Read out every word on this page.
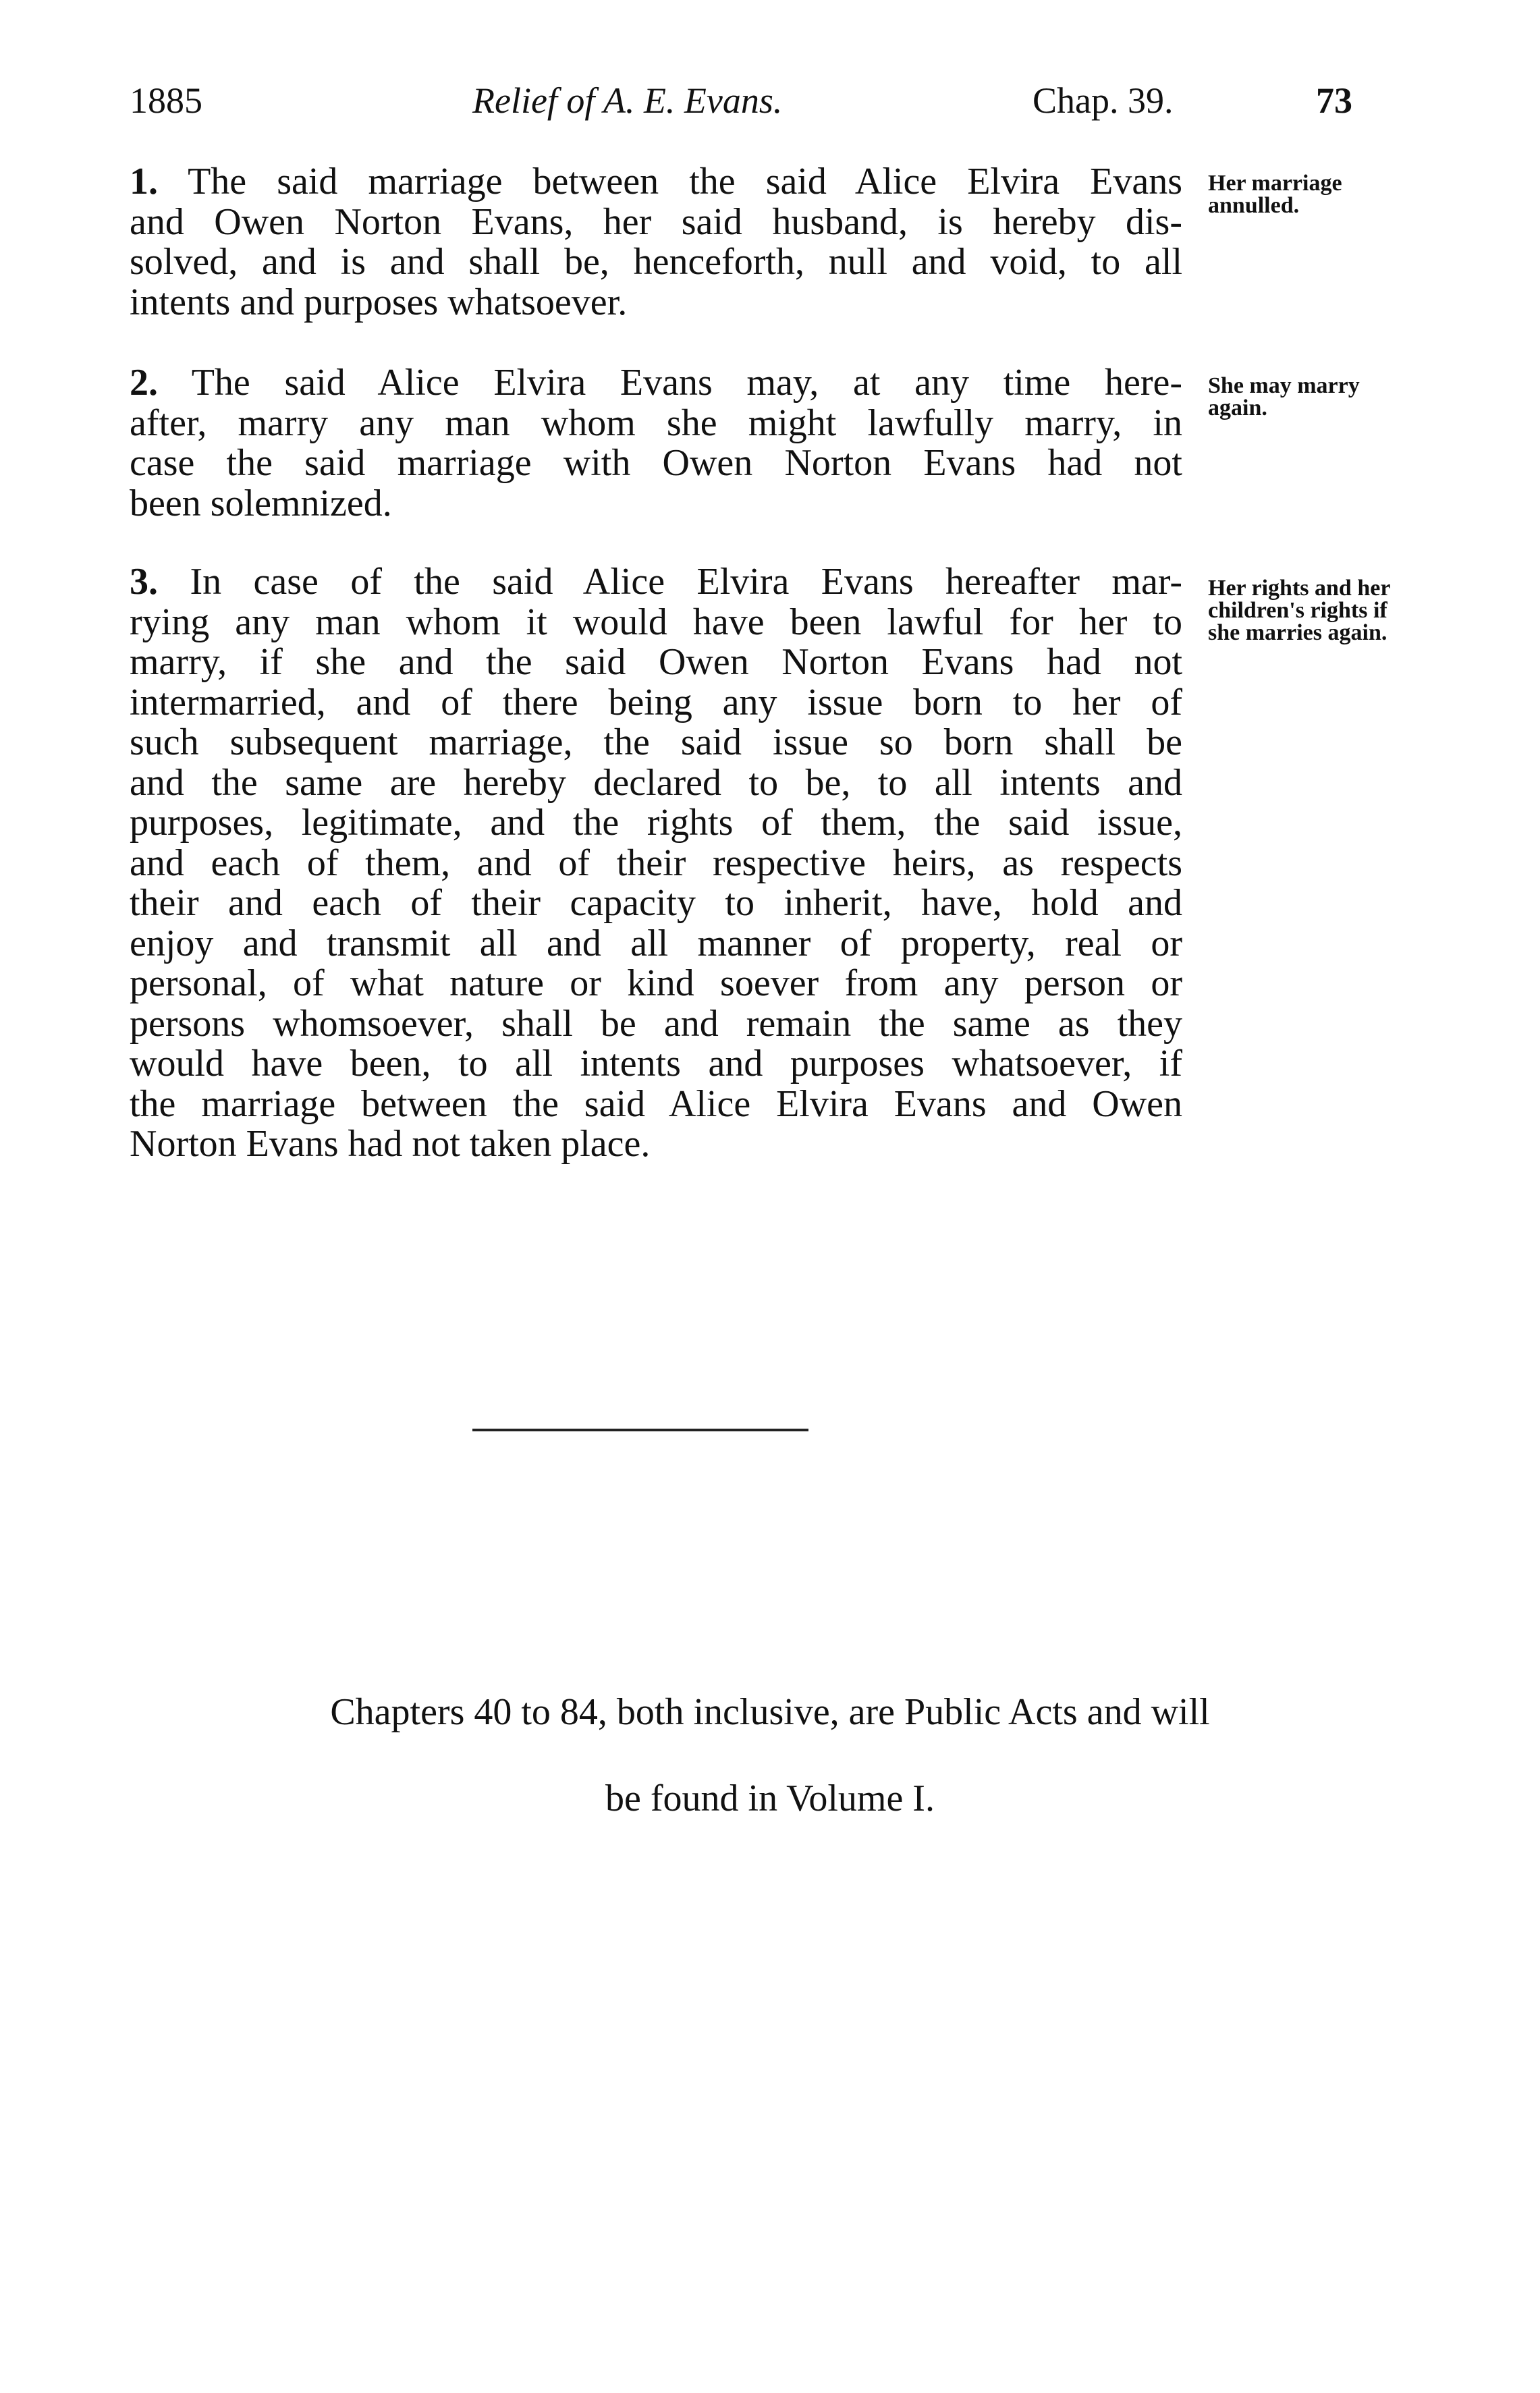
1885	Relief of A. E. Evans.	Chap. 39.	73
1. The said marriage between the said Alice Elvira Evans
and Owen Norton Evans, her said husband, is hereby dis-
solved, and is and shall be, henceforth, null and void, to all
intents and purposes whatsoever.
Her marriage annulled.
2. The said Alice Elvira Evans may, at any time here-
after, marry any man whom she might lawfully marry, in
case the said marriage with Owen Norton Evans had not
been solemnized.
She may marry again.
3. In case of the said Alice Elvira Evans hereafter mar-
rying any man whom it would have been lawful for her to
marry, if she and the said Owen Norton Evans had not
intermarried, and of there being any issue born to her of
such subsequent marriage, the said issue so born shall be
and the same are hereby declared to be, to all intents and
purposes, legitimate, and the rights of them, the said issue,
and each of them, and of their respective heirs, as respects
their and each of their capacity to inherit, have, hold and
enjoy and transmit all and all manner of property, real or
personal, of what nature or kind soever from any person or
persons whomsoever, shall be and remain the same as they
would have been, to all intents and purposes whatsoever, if
the marriage between the said Alice Elvira Evans and Owen
Norton Evans had not taken place.
Her rights and her children's rights if she marries again.
Chapters 40 to 84, both inclusive, are Public Acts and will
be found in Volume I.
